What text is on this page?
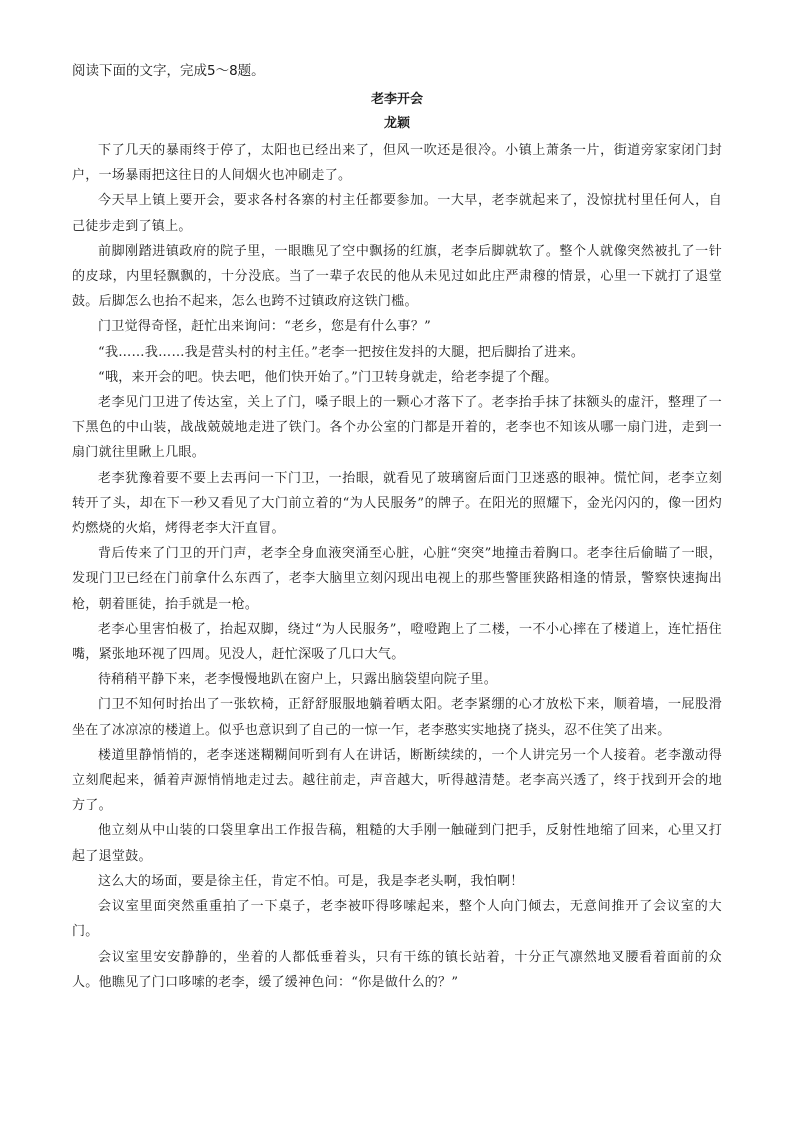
阅读下面的文字，完成5～8题。

老李开会

龙颖

下了几天的暴雨终于停了，太阳也已经出来了，但风一吹还是很冷。小镇上萧条一片，街道旁家家闭门封户，一场暴雨把这往日的人间烟火也冲刷走了。

今天早上镇上要开会，要求各村各寨的村主任都要参加。一大早，老李就起来了，没惊扰村里任何人，自己徒步走到了镇上。

前脚刚踏进镇政府的院子里，一眼瞧见了空中飘扬的红旗，老李后脚就软了。整个人就像突然被扎了一针的皮球，内里轻飘飘的，十分没底。当了一辈子农民的他从未见过如此庄严肃穆的情景，心里一下就打了退堂鼓。后脚怎么也抬不起来，怎么也跨不过镇政府这铁门槛。

门卫觉得奇怪，赶忙出来询问：“老乡，您是有什么事？”

“我……我……我是营头村的村主任。”老李一把按住发抖的大腿，把后脚抬了进来。

“哦，来开会的吧。快去吧，他们快开始了。”门卫转身就走，给老李提了个醒。

老李见门卫进了传达室，关上了门，嗓子眼上的一颗心才落下了。老李抬手抹了抹额头的虚汗，整理了一下黑色的中山装，战战兢兢地走进了铁门。各个办公室的门都是开着的，老李也不知该从哪一扇门进，走到一扇门就往里瞅上几眼。

老李犹豫着要不要上去再问一下门卫，一抬眼，就看见了玻璃窗后面门卫迷惑的眼神。慌忙间，老李立刻转开了头，却在下一秒又看见了大门前立着的“为人民服务”的牌子。在阳光的照耀下，金光闪闪的，像一团灼灼燃烧的火焰，烤得老李大汗直冒。

背后传来了门卫的开门声，老李全身血液突涌至心脏，心脏“突突”地撞击着胸口。老李往后偷瞄了一眼，发现门卫已经在门前拿什么东西了，老李大脑里立刻闪现出电视上的那些警匪狭路相逢的情景，警察快速掏出枪，朝着匪徒，抬手就是一枪。

老李心里害怕极了，抬起双脚，绕过“为人民服务”，噔噔跑上了二楼，一不小心摔在了楼道上，连忙捂住嘴，紧张地环视了四周。见没人，赶忙深吸了几口大气。

待稍稍平静下来，老李慢慢地趴在窗户上，只露出脑袋望向院子里。

门卫不知何时抬出了一张软椅，正舒舒服服地躺着晒太阳。老李紧绷的心才放松下来，顺着墙，一屁股滑坐在了冰凉凉的楼道上。似乎也意识到了自己的一惊一乍，老李憨实实地挠了挠头，忍不住笑了出来。

楼道里静悄悄的，老李迷迷糊糊间听到有人在讲话，断断续续的，一个人讲完另一个人接着。老李激动得立刻爬起来，循着声源悄悄地走过去。越往前走，声音越大，听得越清楚。老李高兴透了，终于找到开会的地方了。

他立刻从中山装的口袋里拿出工作报告稿，粗糙的大手刚一触碰到门把手，反射性地缩了回来，心里又打起了退堂鼓。

这么大的场面，要是徐主任，肯定不怕。可是，我是李老头啊，我怕啊！

会议室里面突然重重拍了一下桌子，老李被吓得哆嗦起来，整个人向门倾去，无意间推开了会议室的大门。

会议室里安安静静的，坐着的人都低垂着头，只有干练的镇长站着，十分正气凛然地叉腰看着面前的众人。他瞧见了门口哆嗦的老李，缓了缓神色问：“你是做什么的？”
